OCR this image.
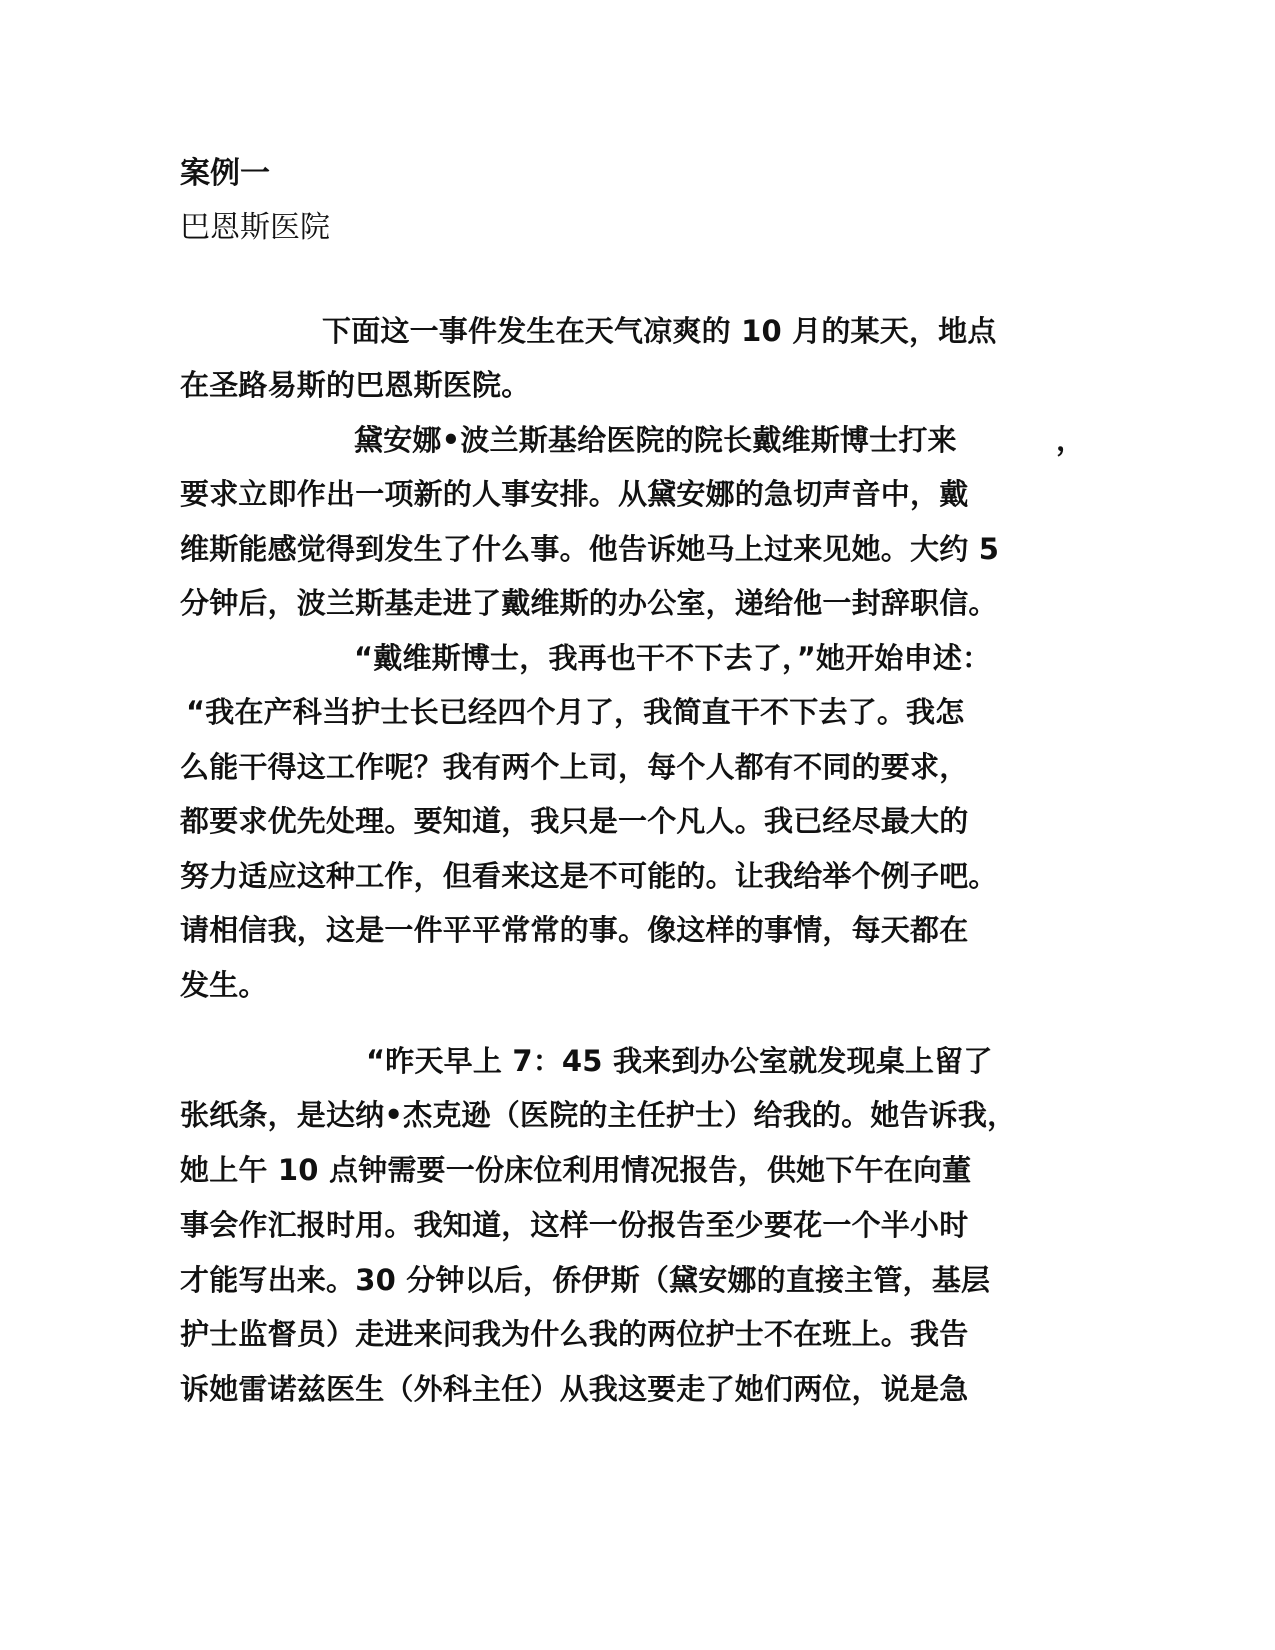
案例一
巴恩斯医院
下面这一事件发生在天气凉爽的 10 月的某天，地点
在圣路易斯的巴恩斯医院。
黛安娜•波兰斯基给医院的院长戴维斯博士打来	，
要求立即作出一项新的人事安排。从黛安娜的急切声音中，戴
维斯能感觉得到发生了什么事。他告诉她马上过来见她。大约 5
分钟后，波兰斯基走进了戴维斯的办公室，递给他一封辞职信。
“戴维斯博士，我再也干不下去了，”她开始申述：
“我在产科当护士长已经四个月了，我简直干不下去了。我怎
么能干得这工作呢？我有两个上司，每个人都有不同的要求，
都要求优先处理。要知道，我只是一个凡人。我已经尽最大的
努力适应这种工作，但看来这是不可能的。让我给举个例子吧。
请相信我，这是一件平平常常的事。像这样的事情，每天都在
发生。
“昨天早上 7：45 我来到办公室就发现桌上留了
张纸条，是达纳•杰克逊（医院的主任护士）给我的。她告诉我，
她上午 10 点钟需要一份床位利用情况报告，供她下午在向董
事会作汇报时用。我知道，这样一份报告至少要花一个半小时
才能写出来。30 分钟以后，侨伊斯（黛安娜的直接主管，基层
护士监督员）走进来问我为什么我的两位护士不在班上。我告
诉她雷诺兹医生（外科主任）从我这要走了她们两位，说是急
